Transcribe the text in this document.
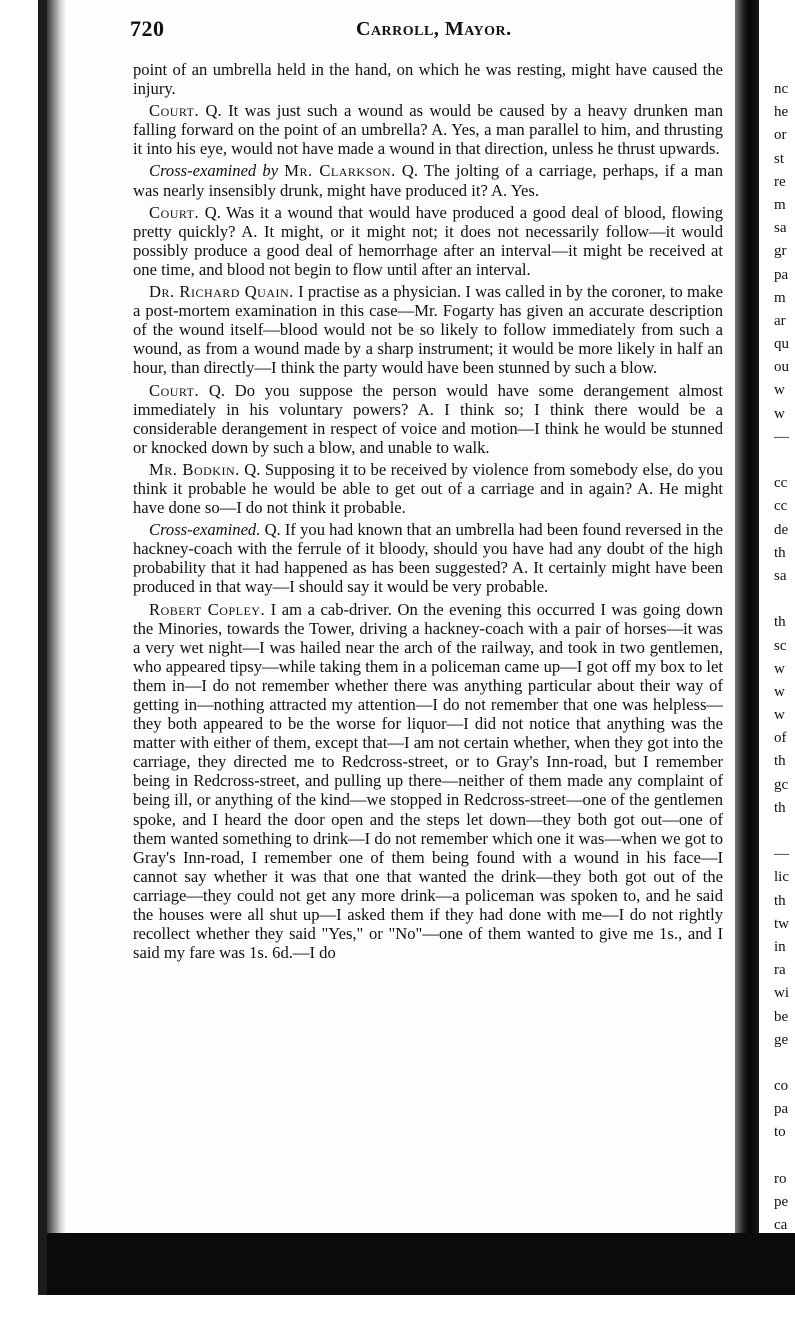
720	Carroll, Mayor.

point of an umbrella held in the hand, on which he was resting, might have caused the injury.

Court. Q. It was just such a wound as would be caused by a heavy drunken man falling forward on the point of an umbrella? A. Yes, a man parallel to him, and thrusting it into his eye, would not have made a wound in that direction, unless he thrust upwards.

Cross-examined by Mr. Clarkson. Q. The jolting of a carriage, perhaps, if a man was nearly insensibly drunk, might have produced it? A. Yes.

Court. Q. Was it a wound that would have produced a good deal of blood, flowing pretty quickly? A. It might, or it might not; it does not necessarily follow—it would possibly produce a good deal of hemorrhage after an interval—it might be received at one time, and blood not begin to flow until after an interval.

Dr. Richard Quain. I practise as a physician. I was called in by the coroner, to make a post-mortem examination in this case—Mr. Fogarty has given an accurate description of the wound itself—blood would not be so likely to follow immediately from such a wound, as from a wound made by a sharp instrument; it would be more likely in half an hour, than directly—I think the party would have been stunned by such a blow.

Court. Q. Do you suppose the person would have some derangement almost immediately in his voluntary powers? A. I think so; I think there would be a considerable derangement in respect of voice and motion—I think he would be stunned or knocked down by such a blow, and unable to walk.

Mr. Bodkin. Q. Supposing it to be received by violence from somebody else, do you think it probable he would be able to get out of a carriage and in again? A. He might have done so—I do not think it probable.

Cross-examined. Q. If you had known that an umbrella had been found reversed in the hackney-coach with the ferrule of it bloody, should you have had any doubt of the high probability that it had happened as has been suggested? A. It certainly might have been produced in that way—I should say it would be very probable.

Robert Copley. I am a cab-driver. On the evening this occurred I was going down the Minories, towards the Tower, driving a hackney-coach with a pair of horses—it was a very wet night—I was hailed near the arch of the railway, and took in two gentlemen, who appeared tipsy—while taking them in a policeman came up—I got off my box to let them in—I do not remember whether there was anything particular about their way of getting in—nothing attracted my attention—I do not remember that one was helpless—they both appeared to be the worse for liquor—I did not notice that anything was the matter with either of them, except that—I am not certain whether, when they got into the carriage, they directed me to Redcross-street, or to Gray's Inn-road, but I remember being in Redcross-street, and pulling up there—neither of them made any complaint of being ill, or anything of the kind—we stopped in Redcross-street—one of the gentlemen spoke, and I heard the door open and the steps let down—they both got out—one of them wanted something to drink—I do not remember which one it was—when we got to Gray's Inn-road, I remember one of them being found with a wound in his face—I cannot say whether it was that one that wanted the drink—they both got out of the carriage—they could not get any more drink—a policeman was spoken to, and he said the houses were all shut up—I asked them if they had done with me—I do not rightly recollect whether they said "Yes," or "No"—one of them wanted to give me 1s., and I said my fare was 1s. 6d.—I do

nc
he
or
st
re
m
sa
gr
pa
m
ar
qu
ou
w
w
—
cc
cc
de
th
sa
th
sc
w
w
w
of
th
gc
th
—
lic
th
tw
in
ra
wi
be
ge
co
pa
to
ro
pe
ca
